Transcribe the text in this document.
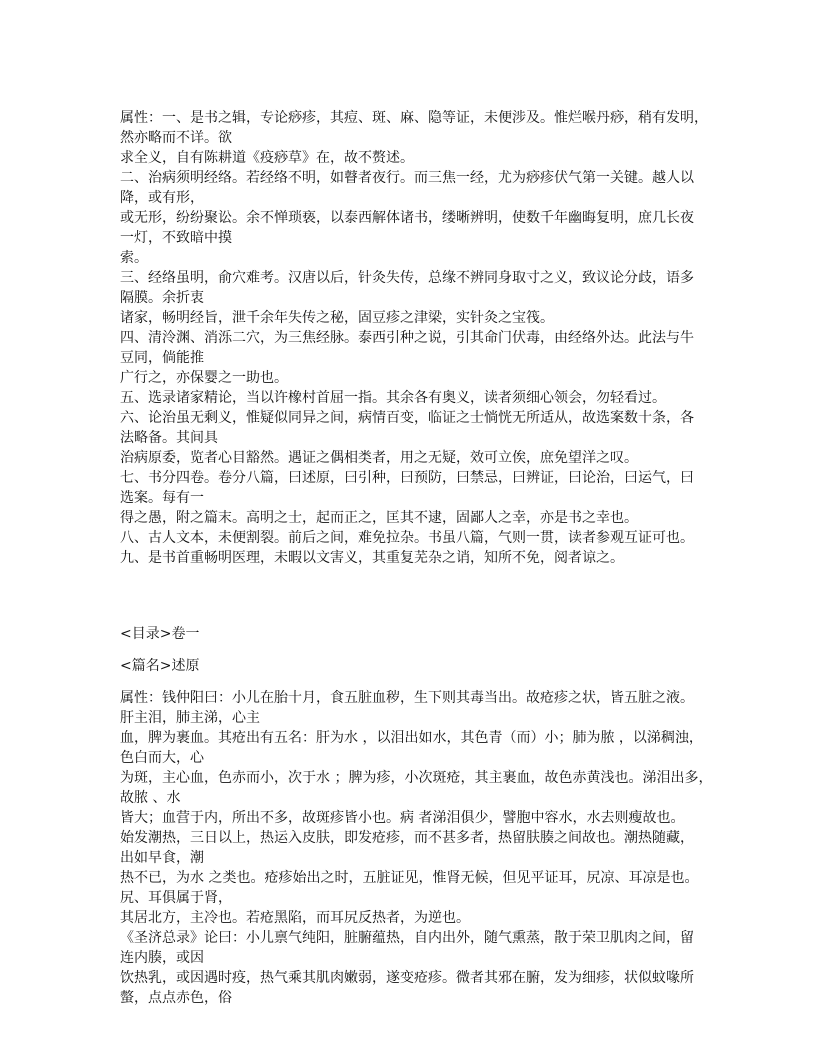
属性：一、是书之辑，专论痧疹，其痘、斑、麻、隐等证，未便涉及。惟烂喉丹痧，稍有发明，

然亦略而不详。欲

求全义，自有陈耕道《疫痧草》在，故不赘述。

二、治病须明经络。若经络不明，如瞽者夜行。而三焦一经，尤为痧疹伏气第一关键。越人以

降，或有形，

或无形，纷纷聚讼。余不惮琐亵，以泰西解体诸书，缕晰辨明，使数千年幽晦复明，庶几长夜

一灯，不致暗中摸

索。

三、经络虽明，俞穴难考。汉唐以后，针灸失传，总缘不辨同身取寸之义，致议论分歧，语多

隔膜。余折衷

诸家，畅明经旨，泄千余年失传之秘，固豆疹之津梁，实针灸之宝筏。

四、清泠渊、消泺二穴，为三焦经脉。泰西引种之说，引其命门伏毒，由经络外达。此法与牛

豆同，倘能推

广行之，亦保婴之一助也。

五、选录诸家精论，当以许橡村首屈一指。其余各有奥义，读者须细心领会，勿轻看过。

六、论治虽无剩义，惟疑似同异之间，病情百变，临证之士惝恍无所适从，故选案数十条，各

法略备。其间具

治病原委，览者心目豁然。遇证之偶相类者，用之无疑，效可立俟，庶免望洋之叹。

七、书分四卷。卷分八篇，曰述原，曰引种，曰预防，曰禁忌，曰辨证，曰论治，曰运气，曰

选案。每有一

得之愚，附之篇末。高明之士，起而正之，匡其不逮，固鄙人之幸，亦是书之幸也。

八、古人文本，未便割裂。前后之间，难免拉杂。书虽八篇，气则一贯，读者参观互证可也。

九、是书首重畅明医理，未暇以文害义，其重复芜杂之诮，知所不免，阅者谅之。

<目录>卷一

<篇名>述原

属性：钱仲阳曰：小儿在胎十月，食五脏血秽，生下则其毒当出。故疮疹之状，皆五脏之液。

肝主泪，肺主涕，心主

血，脾为裹血。其疮出有五名：肝为水 ，以泪出如水，其色青（而）小；肺为脓 ，以涕稠浊，

色白而大，心

为斑，主心血，色赤而小，次于水 ；脾为疹，小次斑疮，其主裹血，故色赤黄浅也。涕泪出多，

故脓 、水

皆大；血营于内，所出不多，故斑疹皆小也。病 者涕泪俱少，譬胞中容水，水去则瘦故也。

始发潮热，三日以上，热运入皮肤，即发疮疹，而不甚多者，热留肤腠之间故也。潮热随藏，

出如早食，潮

热不已，为水 之类也。疮疹始出之时，五脏证见，惟肾无候，但见平证耳，尻凉、耳凉是也。

尻、耳俱属于肾，

其居北方，主冷也。若疮黑陷，而耳尻反热者，为逆也。

《圣济总录》论曰：小儿禀气纯阳，脏腑蕴热，自内出外，随气熏蒸，散于荣卫肌肉之间，留

连内腠，或因

饮热乳，或因遇时疫，热气乘其肌肉嫩弱，遂变疮疹。微者其邪在腑，发为细疹，状似蚊喙所

螫，点点赤色，俗
